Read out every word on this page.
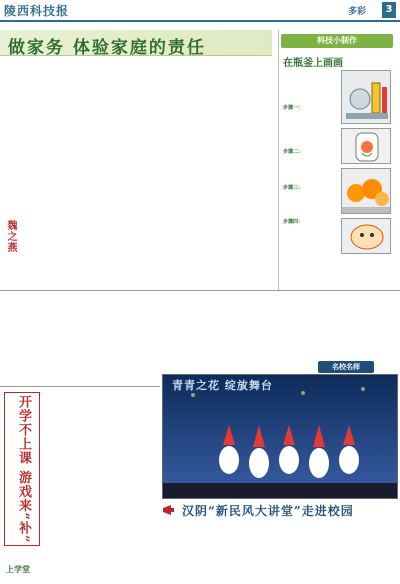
陵西科技报	多彩	3
做家务 体验家庭的责任	科技小制作
在瓶釜上画画
步骤一：
步骤二：
步骤三：
步骤四：
魏之燕
名校名师
开学不上课 游戏来“补”
青青之花 绽放舞台
汉阴“新民风大讲堂”走进校园
上学堂
